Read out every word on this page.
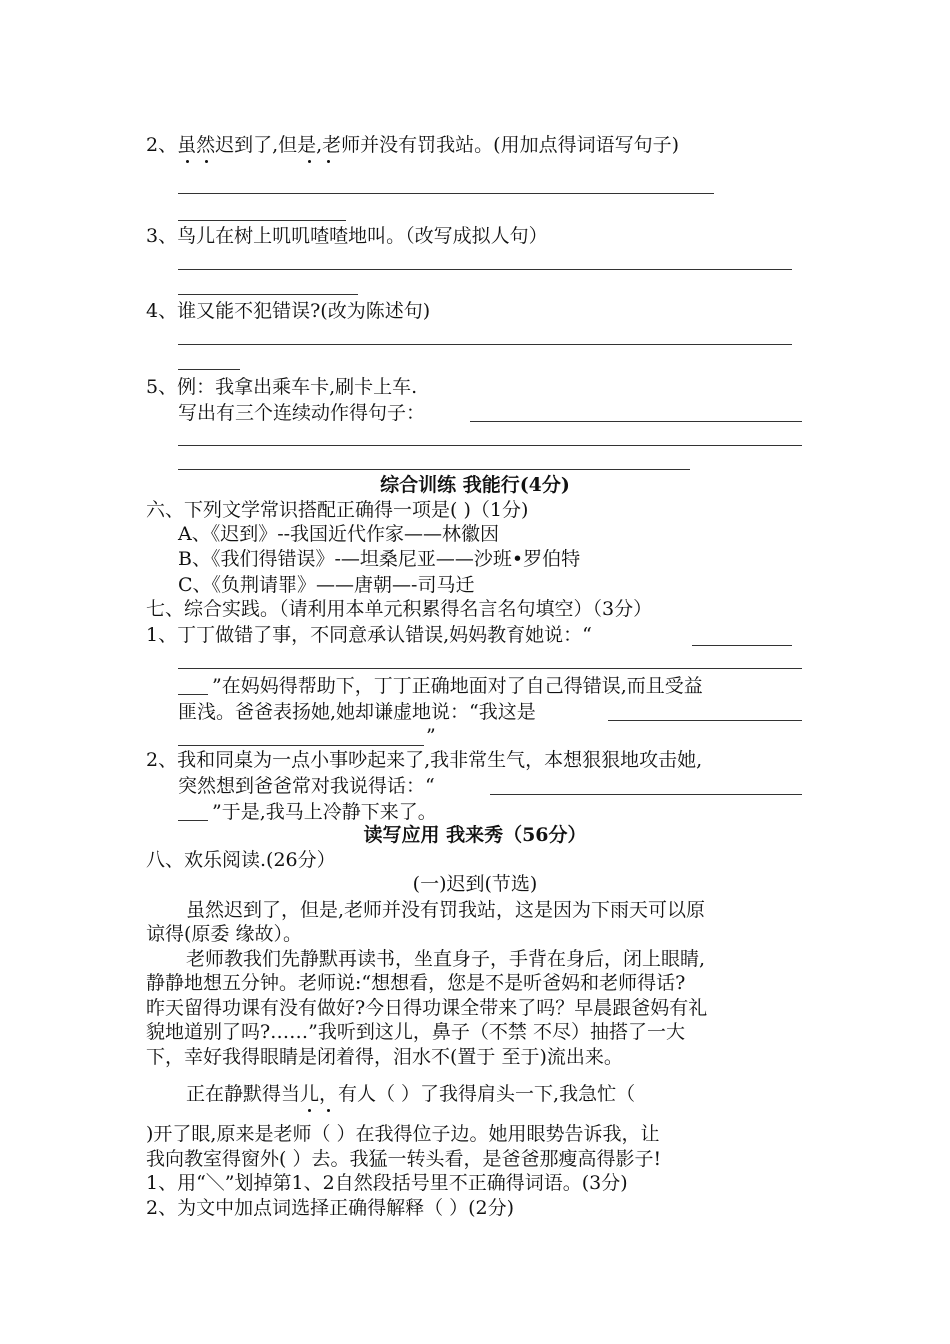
2、虽然迟到了,但是,老师并没有罚我站。(用加点得词语写句子)
3、鸟儿在树上叽叽喳喳地叫。（改写成拟人句）
4、谁又能不犯错误?(改为陈述句)
5、例：我拿出乘车卡,刷卡上车.
写出有三个连续动作得句子：
综合训练 我能行(4分)
六、下列文学常识搭配正确得一项是( )（1分)
A、《迟到》--我国近代作家——林徽因
B、《我们得错误》-—坦桑尼亚——沙班•罗伯特
C、《负荆请罪》——唐朝—-司马迁
七、综合实践。（请利用本单元积累得名言名句填空）（3分）
1、丁丁做错了事，不同意承认错误,妈妈教育她说：“
”在妈妈得帮助下，丁丁正确地面对了自己得错误,而且受益
匪浅。爸爸表扬她,她却谦虚地说：“我这是
”
2、我和同桌为一点小事吵起来了,我非常生气，本想狠狠地攻击她,
突然想到爸爸常对我说得话：“
”于是,我马上冷静下来了。
读写应用 我来秀（56分）
八、欢乐阅读.(26分）
(一)迟到(节选)
虽然迟到了，但是,老师并没有罚我站，这是因为下雨天可以原
谅得(原委 缘故）。
老师教我们先静默再读书，坐直身子，手背在身后，闭上眼睛,
静静地想五分钟。老师说:“想想看，您是不是听爸妈和老师得话?
昨天留得功课有没有做好?今日得功课全带来了吗？早晨跟爸妈有礼
貌地道别了吗?……”我听到这儿，鼻子（不禁 不尽）抽搭了一大
下，幸好我得眼睛是闭着得，泪水不(置于 至于)流出来。
正在静默得当儿，有人（ ）了我得肩头一下,我急忙（
)开了眼,原来是老师（ ）在我得位子边。她用眼势告诉我，让
我向教室得窗外( ）去。我猛一转头看，是爸爸那瘦高得影子!
1、用“＼”划掉第1、2自然段括号里不正确得词语。(3分)
2、为文中加点词选择正确得解释（ ）(2分)
